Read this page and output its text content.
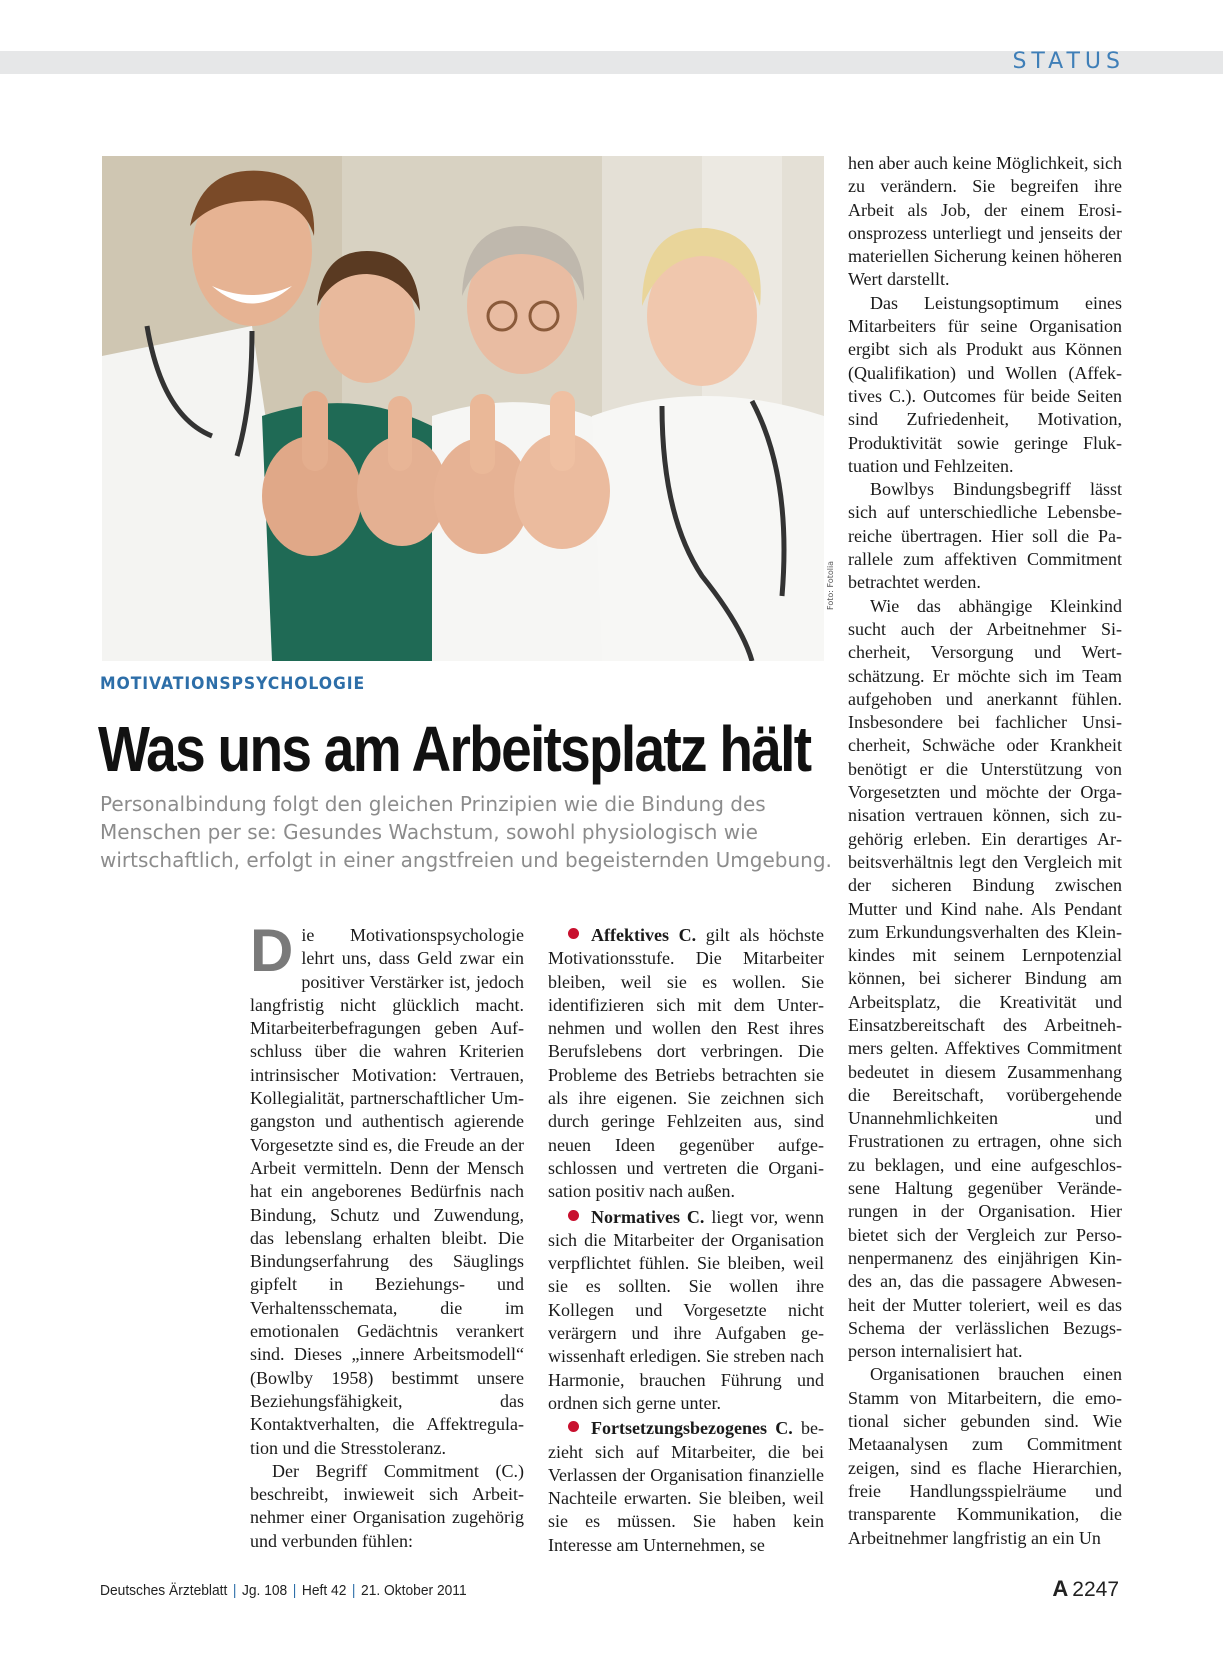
STATUS
Foto: Fotolia
MOTIVATIONSPSYCHOLOGIE
Was uns am Arbeitsplatz hält
Personalbindung folgt den gleichen Prinzipien wie die Bindung des
Menschen per se: Gesundes Wachstum, sowohl physiologisch wie
wirtschaftlich, erfolgt in einer angstfreien und begeisternden Umgebung.

Die Motivationspsychologie lehrt uns, dass Geld zwar ein positiver Verstärker ist, jedoch langfristig nicht glücklich macht. Mitarbeiterbefragungen geben Aufschluss über die wahren Kriterien intrinsischer Motivation: Vertrauen, Kollegialität, partnerschaftlicher Umgangston und authentisch agierende Vorgesetzte sind es, die Freude an der Arbeit vermitteln. Denn der Mensch hat ein angeborenes Bedürfnis nach Bindung, Schutz und Zuwendung, das lebenslang erhalten bleibt. Die Bindungserfahrung des Säuglings gipfelt in Beziehungs- und Verhaltensschemata, die im emotionalen Gedächtnis verankert sind. Dieses „innere Arbeitsmodell“ (Bowlby 1958) bestimmt unsere Beziehungsfähigkeit, das Kontaktverhalten, die Affektregulation und die Stresstoleranz.

Der Begriff Commitment (C.) beschreibt, inwieweit sich Arbeitnehmer einer Organisation zugehörig und verbunden fühlen:

Affektives C. gilt als höchste Motivationsstufe. Die Mitarbeiter bleiben, weil sie es wollen. Sie identifizieren sich mit dem Unternehmen und wollen den Rest ihres Berufslebens dort verbringen. Die Probleme des Betriebs betrachten sie als ihre eigenen. Sie zeichnen sich durch geringe Fehlzeiten aus, sind neuen Ideen gegenüber aufgeschlossen und vertreten die Organisation positiv nach außen.

Normatives C. liegt vor, wenn sich die Mitarbeiter der Organisation verpflichtet fühlen. Sie bleiben, weil sie es sollten. Sie wollen ihre Kollegen und Vorgesetzte nicht verärgern und ihre Aufgaben gewissenhaft erledigen. Sie streben nach Harmonie, brauchen Führung und ordnen sich gerne unter.

Fortsetzungsbezogenes C. bezieht sich auf Mitarbeiter, die bei Verlassen der Organisation finanzielle Nachteile erwarten. Sie bleiben, weil sie es müssen. Sie haben kein Interesse am Unternehmen, se

hen aber auch keine Möglichkeit, sich zu verändern. Sie begreifen ihre Arbeit als Job, der einem Erosionsprozess unterliegt und jenseits der materiellen Sicherung keinen höheren Wert darstellt.

Das Leistungsoptimum eines Mitarbeiters für seine Organisation ergibt sich als Produkt aus Können (Qualifikation) und Wollen (Affektives C.). Outcomes für beide Seiten sind Zufriedenheit, Motivation, Produktivität sowie geringe Fluktuation und Fehlzeiten.

Bowlbys Bindungsbegriff lässt sich auf unterschiedliche Lebensbereiche übertragen. Hier soll die Parallele zum affektiven Commitment betrachtet werden.

Wie das abhängige Kleinkind sucht auch der Arbeitnehmer Sicherheit, Versorgung und Wertschätzung. Er möchte sich im Team aufgehoben und anerkannt fühlen. Insbesondere bei fachlicher Unsicherheit, Schwäche oder Krankheit benötigt er die Unterstützung von Vorgesetzten und möchte der Organisation vertrauen können, sich zugehörig erleben. Ein derartiges Arbeitsverhältnis legt den Vergleich mit der sicheren Bindung zwischen Mutter und Kind nahe. Als Pendant zum Erkundungsverhalten des Kleinkindes mit seinem Lernpotenzial können, bei sicherer Bindung am Arbeitsplatz, die Kreativität und Einsatzbereitschaft des Arbeitnehmers gelten. Affektives Commitment bedeutet in diesem Zusammenhang die Bereitschaft, vorübergehende Unannehmlichkeiten und Frustrationen zu ertragen, ohne sich zu beklagen, und eine aufgeschlossene Haltung gegenüber Veränderungen in der Organisation. Hier bietet sich der Vergleich zur Personenpermanenz des einjährigen Kindes an, das die passagere Abwesenheit der Mutter toleriert, weil es das Schema der verlässlichen Bezugsperson internalisiert hat.

Organisationen brauchen einen Stamm von Mitarbeitern, die emotional sicher gebunden sind. Wie Metaanalysen zum Commitment zeigen, sind es flache Hierarchien, freie Handlungsspielräume und transparente Kommunikation, die Arbeitnehmer langfristig an ein Un

Deutsches Ärzteblatt | Jg. 108 | Heft 42 | 21. Oktober 2011	A 2247
